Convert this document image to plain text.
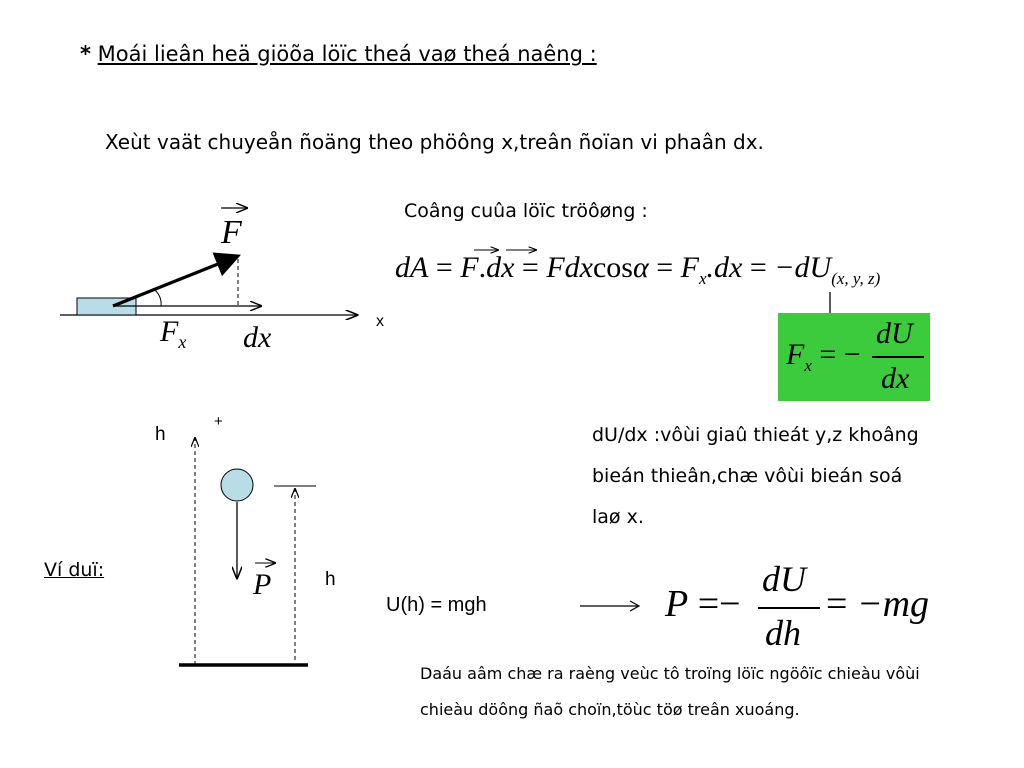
* Moái lieân heä giöõa löïc theá vaø theá naêng :
Xeùt vaät chuyeån ñoäng theo phöông x,treân ñoïan vi phaân dx.
F
$F_x$ dx	x
Coâng cuûa löïc tröôøng :
dA = $F.dx = Fdxcos\alpha = F_x.dx = -dU_{(x, y, z)}$
$F_x$ = −
dU
dx
h
+
P	h
dU/dx :vôùi giaû thieát y,z khoâng
bieán thieân,chæ vôùi bieán soá
laø x.
Ví duï:
U(h) = mgh	P =−
dU
dh
= −mg
Daáu aâm chæ ra raèng veùc tô troïng löïc ngöôïc chieàu vôùi
chieàu döông ñaõ choïn,töùc töø treân xuoáng.
